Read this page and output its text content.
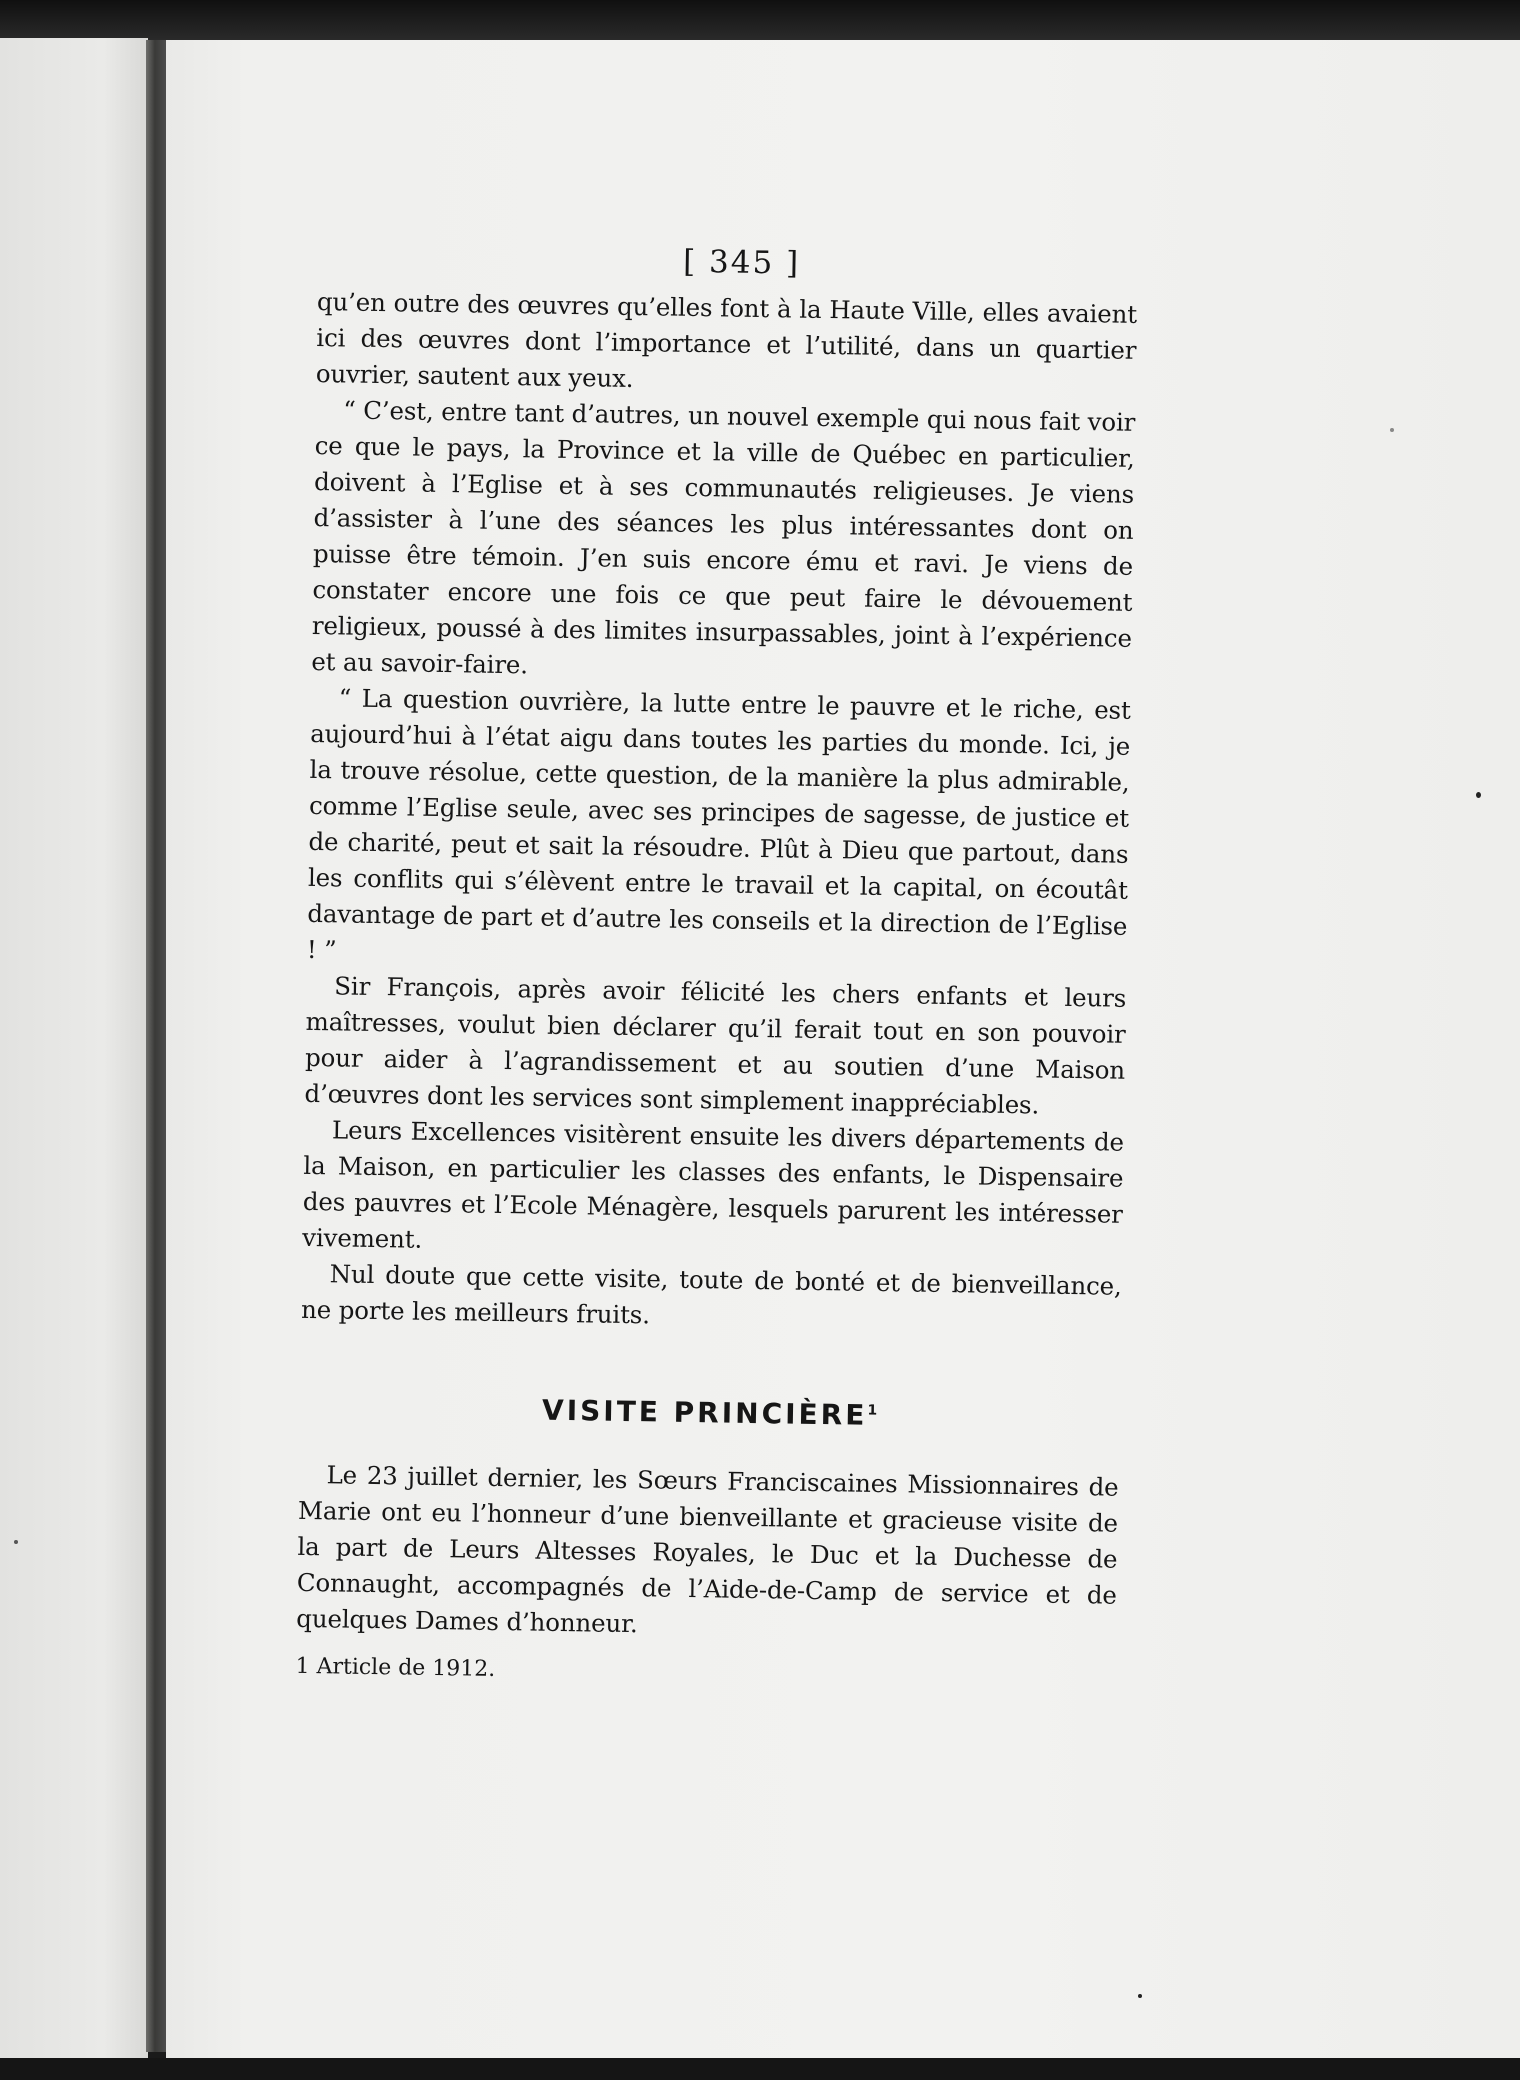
[ 345 ]

qu’en outre des œuvres qu’elles font à la Haute Ville, elles avaient ici des œuvres dont l’importance et l’utilité, dans un quartier ouvrier, sautent aux yeux.

“ C’est, entre tant d’autres, un nouvel exemple qui nous fait voir ce que le pays, la Province et la ville de Québec en particulier, doivent à l’Eglise et à ses communautés religieuses. Je viens d’assister à l’une des séances les plus intéressantes dont on puisse être témoin. J’en suis encore ému et ravi. Je viens de constater encore une fois ce que peut faire le dévouement religieux, poussé à des limites insurpassables, joint à l’expérience et au savoir-faire.

“ La question ouvrière, la lutte entre le pauvre et le riche, est aujourd’hui à l’état aigu dans toutes les parties du monde. Ici, je la trouve résolue, cette question, de la manière la plus admirable, comme l’Eglise seule, avec ses principes de sagesse, de justice et de charité, peut et sait la résoudre. Plût à Dieu que partout, dans les conflits qui s’élèvent entre le travail et la capital, on écoutât davantage de part et d’autre les conseils et la direction de l’Eglise ! ”

Sir François, après avoir félicité les chers enfants et leurs maîtresses, voulut bien déclarer qu’il ferait tout en son pouvoir pour aider à l’agrandissement et au soutien d’une Maison d’œuvres dont les services sont simplement inappréciables.

Leurs Excellences visitèrent ensuite les divers départements de la Maison, en particulier les classes des enfants, le Dispensaire des pauvres et l’Ecole Ménagère, lesquels parurent les intéresser vivement.

Nul doute que cette visite, toute de bonté et de bienveillance, ne porte les meilleurs fruits.

VISITE PRINCIÈRE$^1$

Le 23 juillet dernier, les Sœurs Franciscaines Missionnaires de Marie ont eu l’honneur d’une bienveillante et gracieuse visite de la part de Leurs Altesses Royales, le Duc et la Duchesse de Connaught, accompagnés de l’Aide-de-Camp de service et de quelques Dames d’honneur.

1 Article de 1912.
